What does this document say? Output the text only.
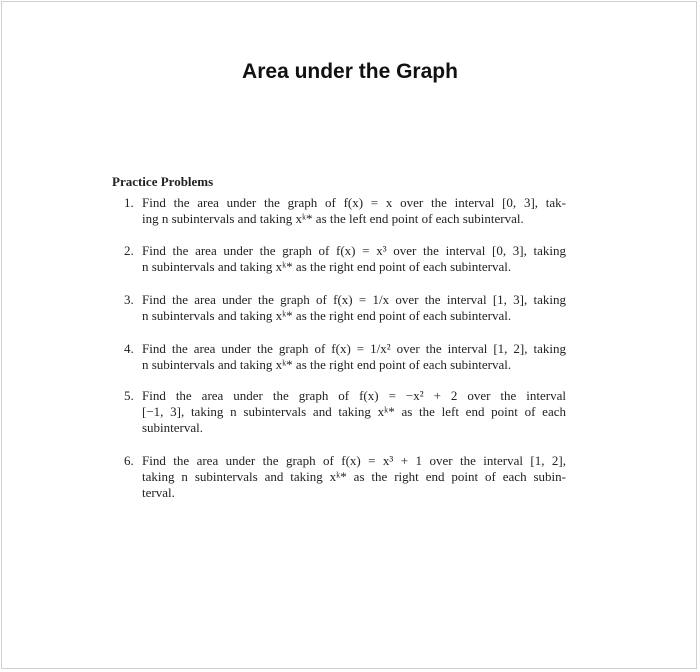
Area under the Graph
Practice Problems
1. Find the area under the graph of f(x) = x over the interval [0, 3], tak-
ing n subintervals and taking xᵏ* as the left end point of each subinterval.
2. Find the area under the graph of f(x) = x³ over the interval [0, 3], taking
n subintervals and taking xᵏ* as the right end point of each subinterval.
3. Find the area under the graph of f(x) = 1/x over the interval [1, 3], taking
n subintervals and taking xᵏ* as the right end point of each subinterval.
4. Find the area under the graph of f(x) = 1/x² over the interval [1, 2], taking
n subintervals and taking xᵏ* as the right end point of each subinterval.
5. Find the area under the graph of f(x) = −x² + 2 over the interval
[−1, 3], taking n subintervals and taking xᵏ* as the left end point of each
subinterval.
6. Find the area under the graph of f(x) = x³ + 1 over the interval [1, 2],
taking n subintervals and taking xᵏ* as the right end point of each subin-
terval.
